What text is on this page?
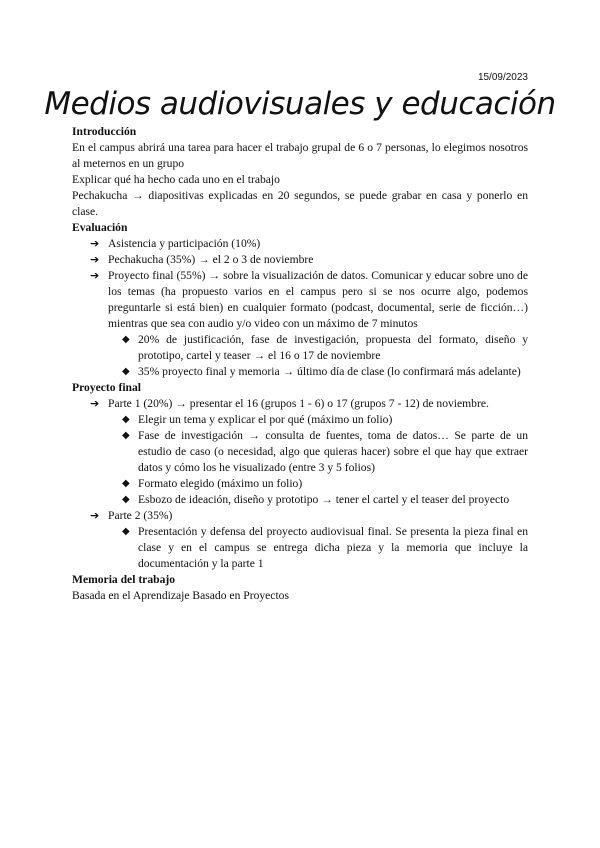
15/09/2023
Medios audiovisuales y educación
Introducción
En el campus abrirá una tarea para hacer el trabajo grupal de 6 o 7 personas, lo elegimos nosotros al meternos en un grupo
Explicar qué ha hecho cada uno en el trabajo
Pechakucha → diapositivas explicadas en 20 segundos, se puede grabar en casa y ponerlo en clase.
Evaluación
➔ Asistencia y participación (10%)
➔ Pechakucha (35%) → el 2 o 3 de noviembre
➔ Proyecto final (55%) → sobre la visualización de datos. Comunicar y educar sobre uno de los temas (ha propuesto varios en el campus pero si se nos ocurre algo, podemos preguntarle si está bien) en cualquier formato (podcast, documental, serie de ficción…) mientras que sea con audio y/o video con un máximo de 7 minutos
◆ 20% de justificación, fase de investigación, propuesta del formato, diseño y prototipo, cartel y teaser → el 16 o 17 de noviembre
◆ 35% proyecto final y memoria → último día de clase (lo confirmará más adelante)
Proyecto final
➔ Parte 1 (20%) → presentar el 16 (grupos 1 - 6) o 17 (grupos 7 - 12) de noviembre.
◆ Elegir un tema y explicar el por qué (máximo un folio)
◆ Fase de investigación → consulta de fuentes, toma de datos… Se parte de un estudio de caso (o necesidad, algo que quieras hacer) sobre el que hay que extraer datos y cómo los he visualizado (entre 3 y 5 folios)
◆ Formato elegido (máximo un folio)
◆ Esbozo de ideación, diseño y prototipo → tener el cartel y el teaser del proyecto
➔ Parte 2 (35%)
◆ Presentación y defensa del proyecto audiovisual final. Se presenta la pieza final en clase y en el campus se entrega dicha pieza y la memoria que incluye la documentación y la parte 1
Memoria del trabajo
Basada en el Aprendizaje Basado en Proyectos
